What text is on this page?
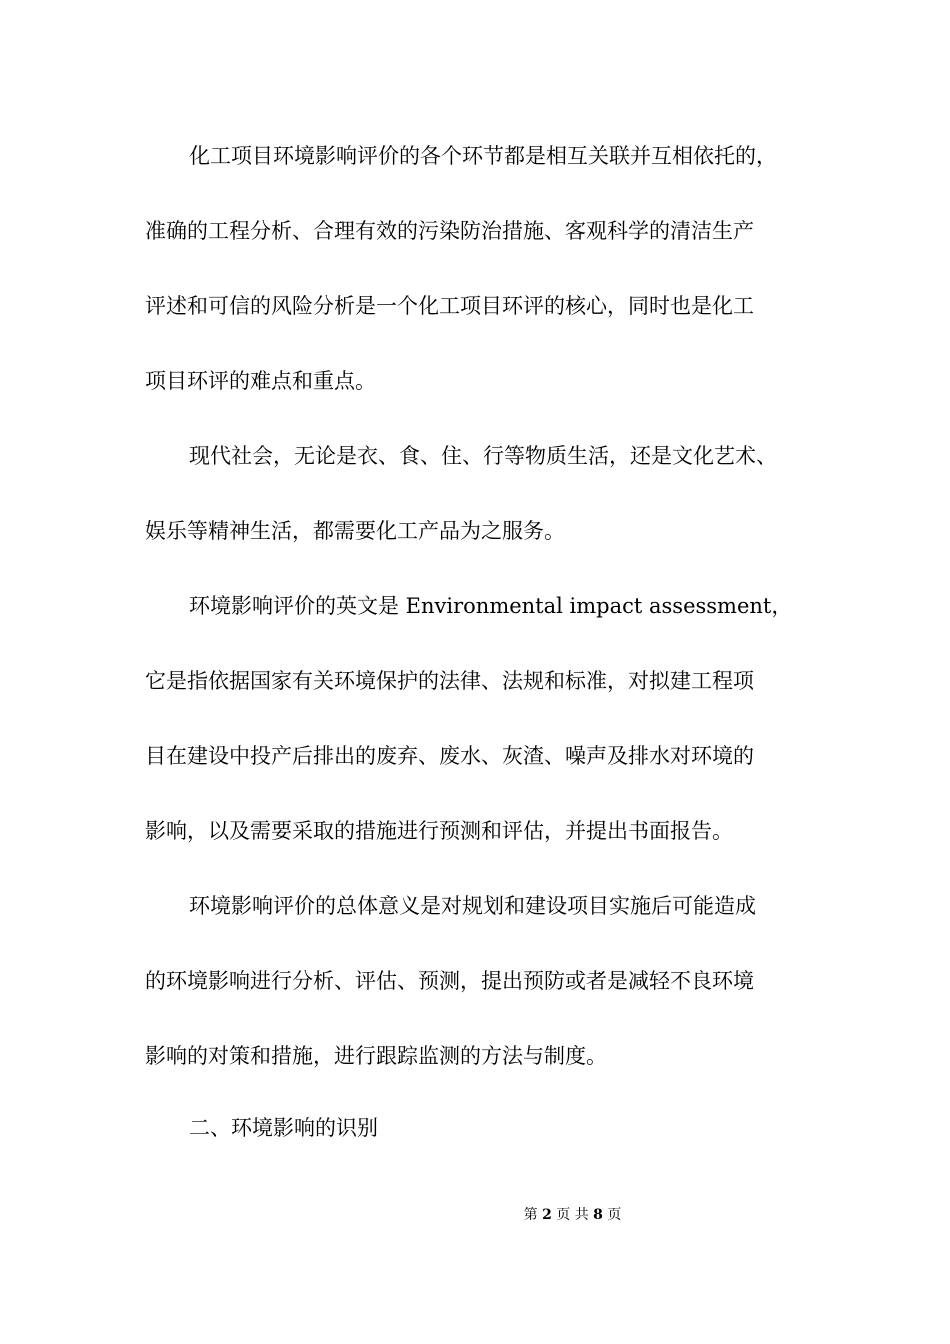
化工项目环境影响评价的各个环节都是相互关联并互相依托的，
准确的工程分析、合理有效的污染防治措施、客观科学的清洁生产
评述和可信的风险分析是一个化工项目环评的核心，同时也是化工
项目环评的难点和重点。
现代社会，无论是衣、食、住、行等物质生活，还是文化艺术、
娱乐等精神生活，都需要化工产品为之服务。
环境影响评价的英文是 Environmental impact assessment，
它是指依据国家有关环境保护的法律、法规和标准，对拟建工程项
目在建设中投产后排出的废弃、废水、灰渣、噪声及排水对环境的
影响，以及需要采取的措施进行预测和评估，并提出书面报告。
环境影响评价的总体意义是对规划和建设项目实施后可能造成
的环境影响进行分析、评估、预测，提出预防或者是减轻不良环境
影响的对策和措施，进行跟踪监测的方法与制度。
二、环境影响的识别
第 2 页 共 8 页
